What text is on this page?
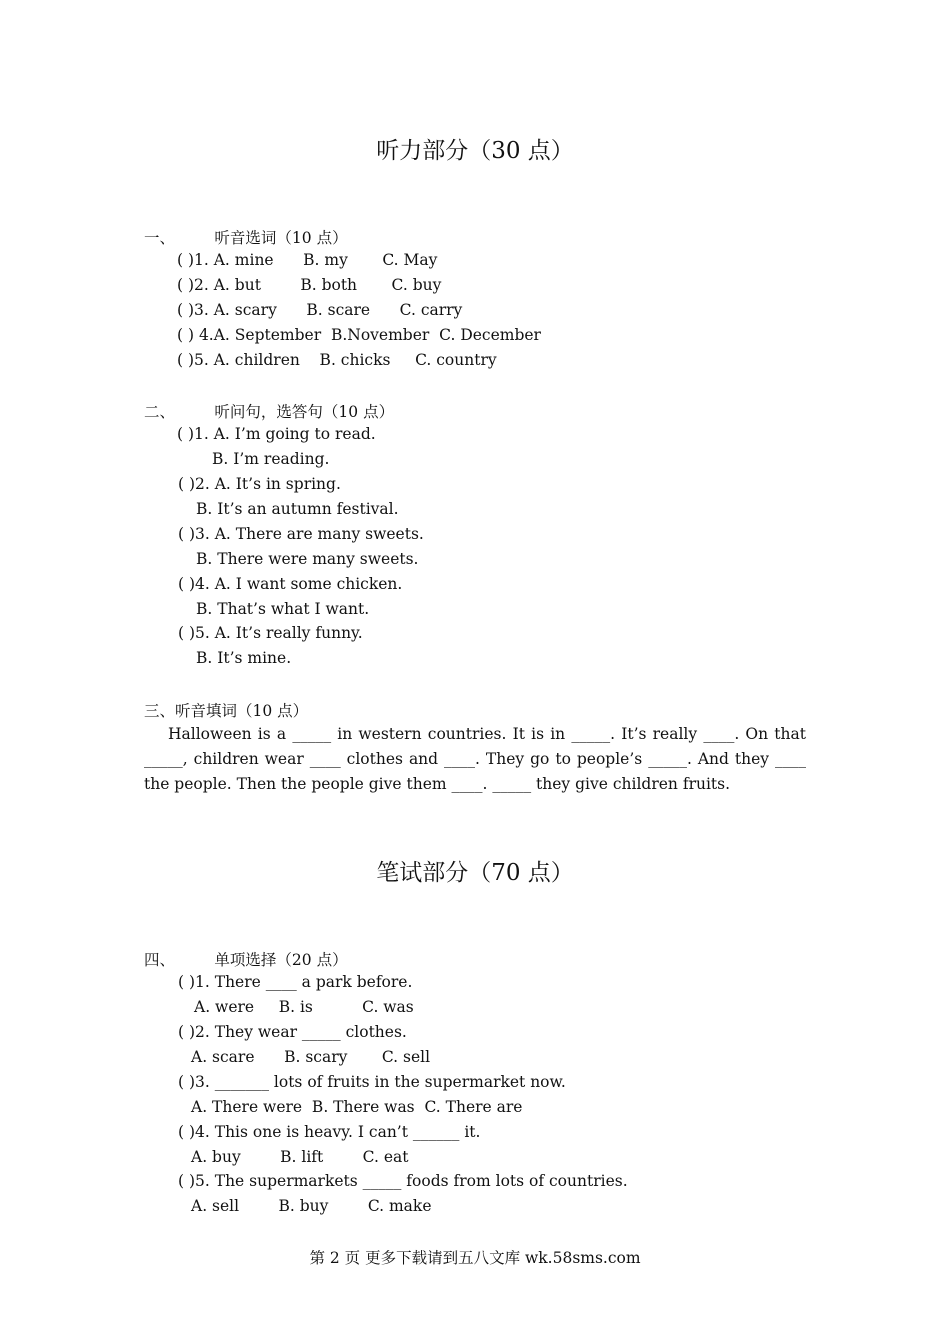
听力部分（30 点）
一、        听音选词（10 点）
( )1. A. mine      B. my       C. May
( )2. A. but        B. both       C. buy
( )3. A. scary      B. scare      C. carry
( ) 4.A. September  B.November  C. December
( )5. A. children    B. chicks     C. country
二、        听问句，选答句（10 点）
( )1. A. I’m going to read.
B. I’m reading.
( )2. A. It’s in spring.
B. It’s an autumn festival.
( )3. A. There are many sweets.
B. There were many sweets.
( )4. A. I want some chicken.
B. That’s what I want.
( )5. A. It’s really funny.
B. It’s mine.
三、听音填词（10 点）
Halloween is a _____ in western countries. It is in _____. It’s really ____. On that _____, children wear ____ clothes and ____. They go to people’s _____. And they ____ the people. Then the people give them ____. _____ they give children fruits.
笔试部分（70 点）
四、        单项选择（20 点）
( )1. There ____ a park before.
A. were     B. is          C. was
( )2. They wear _____ clothes.
A. scare      B. scary       C. sell
( )3. _______ lots of fruits in the supermarket now.
A. There were  B. There was  C. There are
( )4. This one is heavy. I can’t ______ it.
A. buy        B. lift        C. eat
( )5. The supermarkets _____ foods from lots of countries.
A. sell        B. buy        C. make
第 2 页 更多下载请到五八文库 wk.58sms.com
